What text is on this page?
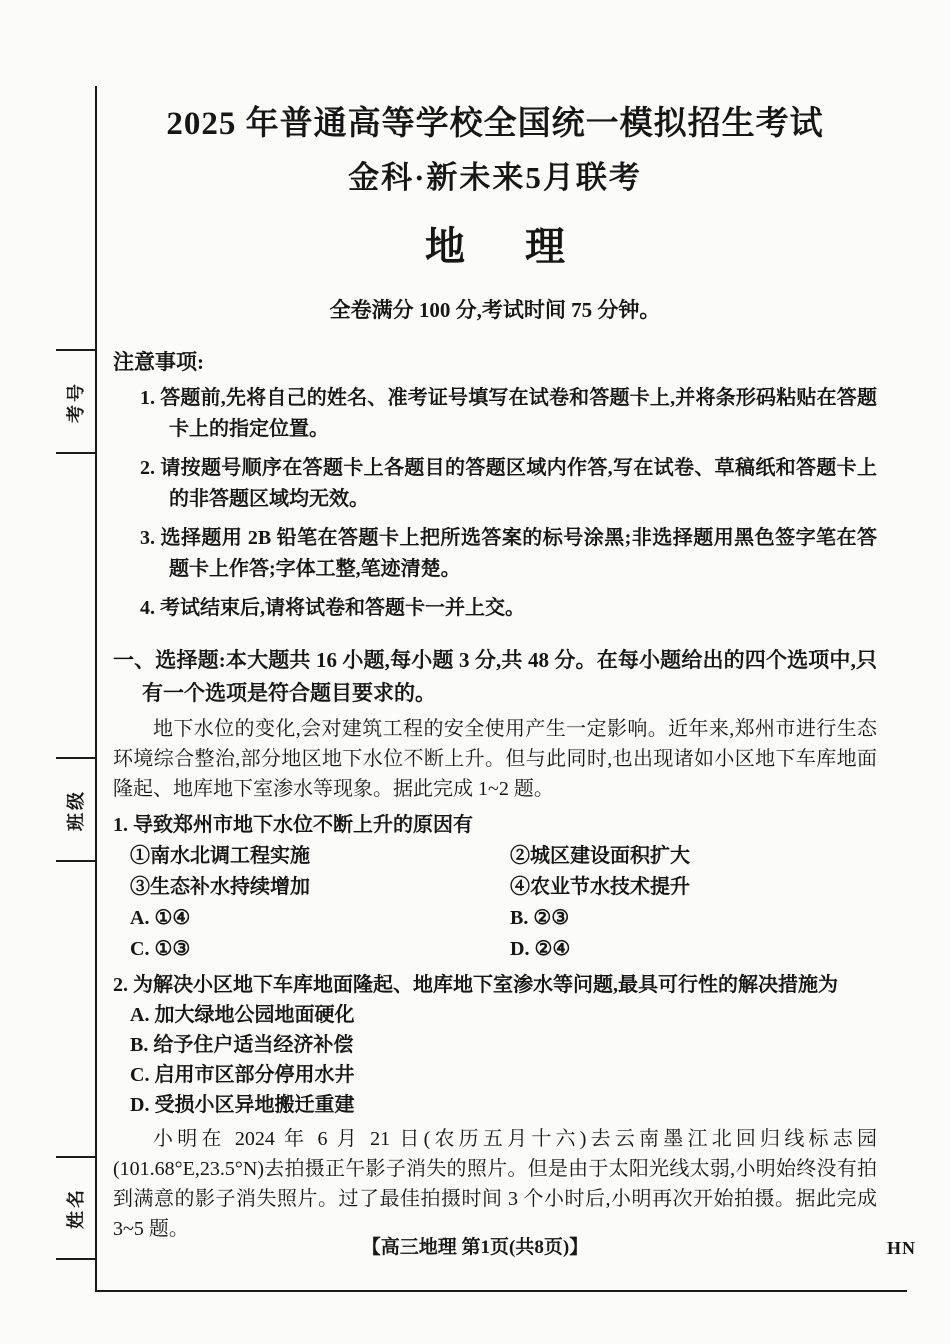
考号
班级
姓名
2025 年普通高等学校全国统一模拟招生考试
金科·新未来5月联考
地理
全卷满分 100 分,考试时间 75 分钟。
注意事项:
1. 答题前,先将自己的姓名、准考证号填写在试卷和答题卡上,并将条形码粘贴在答题卡上的指定位置。
2. 请按题号顺序在答题卡上各题目的答题区域内作答,写在试卷、草稿纸和答题卡上的非答题区域均无效。
3. 选择题用 2B 铅笔在答题卡上把所选答案的标号涂黑;非选择题用黑色签字笔在答题卡上作答;字体工整,笔迹清楚。
4. 考试结束后,请将试卷和答题卡一并上交。
一、选择题:本大题共 16 小题,每小题 3 分,共 48 分。在每小题给出的四个选项中,只有一个选项是符合题目要求的。
地下水位的变化,会对建筑工程的安全使用产生一定影响。近年来,郑州市进行生态环境综合整治,部分地区地下水位不断上升。但与此同时,也出现诸如小区地下车库地面隆起、地库地下室渗水等现象。据此完成 1~2 题。
1. 导致郑州市地下水位不断上升的原因有
①南水北调工程实施	②城区建设面积扩大
③生态补水持续增加	④农业节水技术提升
A. ①④	B. ②③
C. ①③	D. ②④
2. 为解决小区地下车库地面隆起、地库地下室渗水等问题,最具可行性的解决措施为
A. 加大绿地公园地面硬化
B. 给予住户适当经济补偿
C. 启用市区部分停用水井
D. 受损小区异地搬迁重建
小明在 2024 年 6 月 21 日(农历五月十六)去云南墨江北回归线标志园(101.68°E,23.5°N)去拍摄正午影子消失的照片。但是由于太阳光线太弱,小明始终没有拍到满意的影子消失照片。过了最佳拍摄时间 3 个小时后,小明再次开始拍摄。据此完成 3~5 题。
【高三地理 第1页(共8页)】	HN
